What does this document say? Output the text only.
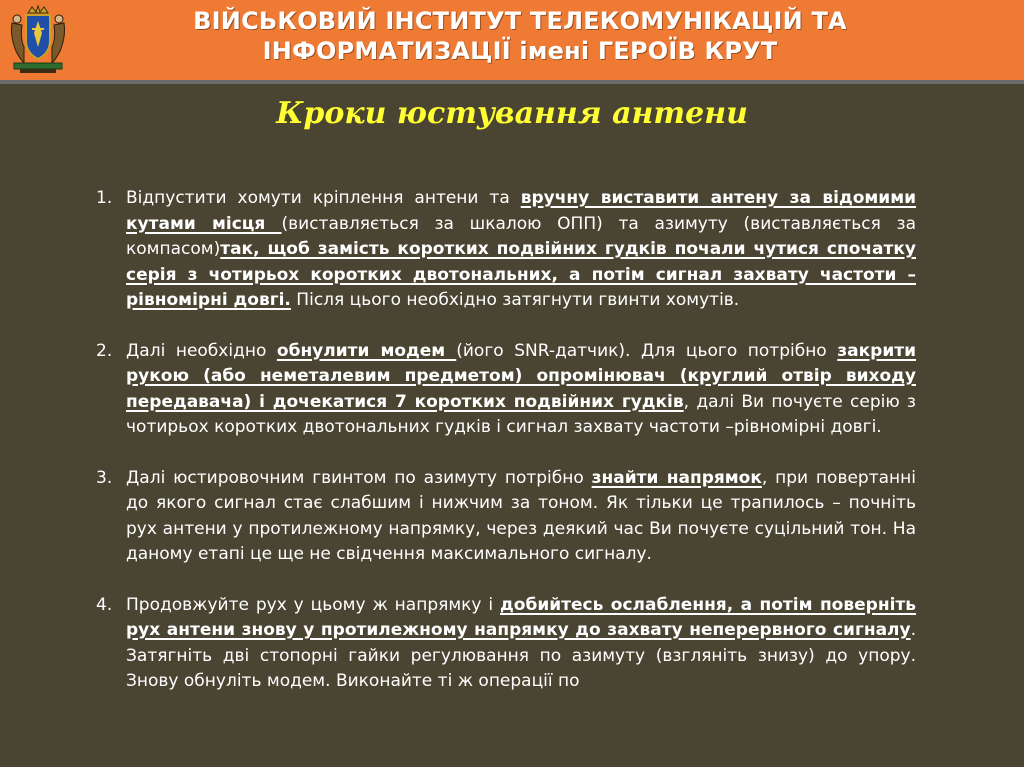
ВІЙСЬКОВИЙ ІНСТИТУТ ТЕЛЕКОМУНІКАЦІЙ ТА
ІНФОРМАТИЗАЦІЇ імені ГЕРОЇВ КРУТ
Кроки юстування антени
1. Відпустити хомути кріплення антени та вручну виставити антену за відомими кутами місця (виставляється за шкалою ОПП) та азимуту (виставляється за компасом)так, щоб замість коротких подвійних гудків почали чутися спочатку серія з чотирьох коротких двотональних, а потім сигнал захвату частоти – рівномірні довгі. Після цього необхідно затягнути гвинти хомутів.
2. Далі необхідно обнулити модем (його SNR-датчик). Для цього потрібно закрити рукою (або неметалевим предметом) опромінювач (круглий отвір виходу передавача) і дочекатися 7 коротких подвійних гудків, далі Ви почуєте серію з чотирьох коротких двотональних гудків і сигнал захвату частоти –рівномірні довгі.
3. Далі юстировочним гвинтом по азимуту потрібно знайти напрямок, при повертанні до якого сигнал стає слабшим і нижчим за тоном. Як тільки це трапилось – почніть рух антени у протилежному напрямку, через деякий час Ви почуєте суцільний тон. На даному етапі це ще не свідчення максимального сигналу.
4. Продовжуйте рух у цьому ж напрямку і добийтесь ослаблення, а потім поверніть рух антени знову у протилежному напрямку до захвату неперервного сигналу. Затягніть дві стопорні гайки регулювання по азимуту (взгляніть знизу) до упору. Знову обнуліть модем. Виконайте ті ж операції по
